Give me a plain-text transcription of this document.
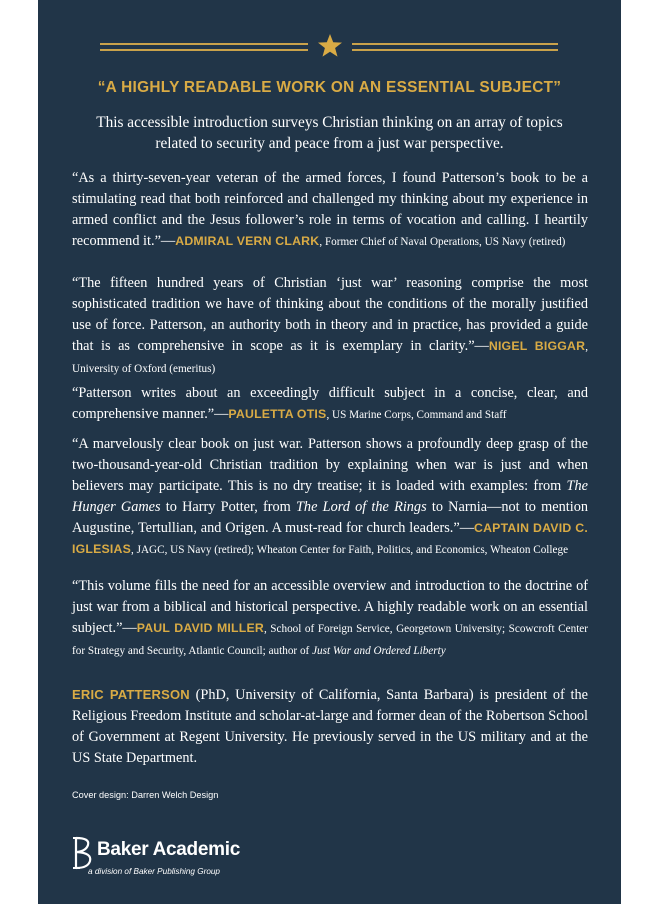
“A HIGHLY READABLE WORK ON AN ESSENTIAL SUBJECT”
This accessible introduction surveys Christian thinking on an array of topics related to security and peace from a just war perspective.
“As a thirty-seven-year veteran of the armed forces, I found Patterson’s book to be a stimulating read that both reinforced and challenged my thinking about my experience in armed conflict and the Jesus follower’s role in terms of vocation and calling. I heartily recommend it.”—ADMIRAL VERN CLARK, Former Chief of Naval Operations, US Navy (retired)
“The fifteen hundred years of Christian ‘just war’ reasoning comprise the most sophisticated tradition we have of thinking about the conditions of the morally justified use of force. Patterson, an authority both in theory and in practice, has provided a guide that is as comprehensive in scope as it is exemplary in clarity.”—NIGEL BIGGAR, University of Oxford (emeritus)
“Patterson writes about an exceedingly difficult subject in a concise, clear, and comprehensive manner.”—PAULETTA OTIS, US Marine Corps, Command and Staff
“A marvelously clear book on just war. Patterson shows a profoundly deep grasp of the two-thousand-year-old Christian tradition by explaining when war is just and when believers may participate. This is no dry treatise; it is loaded with examples: from The Hunger Games to Harry Potter, from The Lord of the Rings to Narnia—not to mention Augustine, Tertullian, and Origen. A must-read for church leaders.”—CAPTAIN DAVID C. IGLESIAS, JAGC, US Navy (retired); Wheaton Center for Faith, Politics, and Economics, Wheaton College
“This volume fills the need for an accessible overview and introduction to the doctrine of just war from a biblical and historical perspective. A highly readable work on an essential subject.”—PAUL DAVID MILLER, School of Foreign Service, Georgetown University; Scowcroft Center for Strategy and Security, Atlantic Council; author of Just War and Ordered Liberty
ERIC PATTERSON (PhD, University of California, Santa Barbara) is president of the Religious Freedom Institute and scholar-at-large and former dean of the Robertson School of Government at Regent University. He previously served in the US military and at the US State Department.
Cover design: Darren Welch Design
Baker Academic
a division of Baker Publishing Group
